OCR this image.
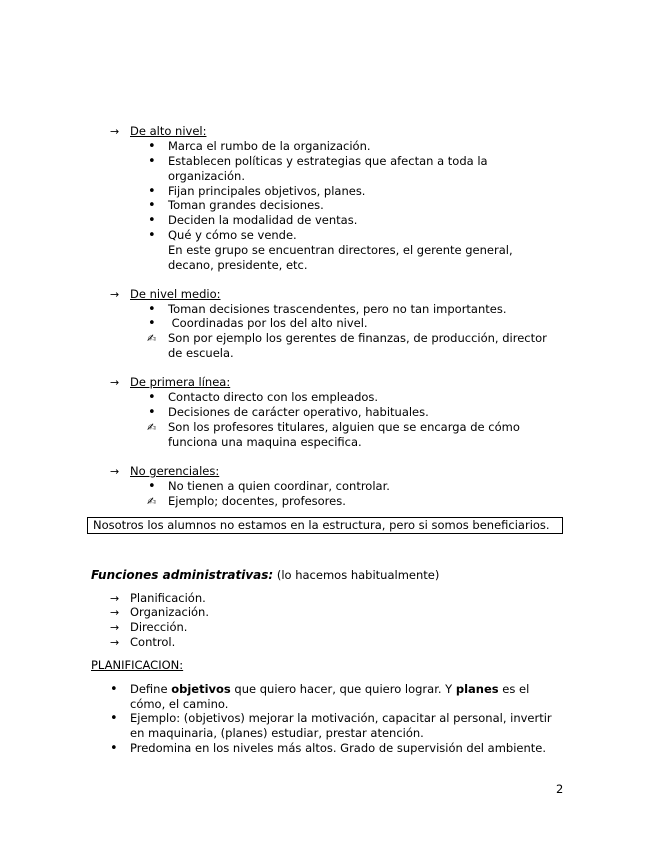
→ De alto nivel:
• Marca el rumbo de la organización.
• Establecen políticas y estrategias que afectan a toda la
organización.
• Fijan principales objetivos, planes.
• Toman grandes decisiones.
• Deciden la modalidad de ventas.
• Qué y cómo se vende.
En este grupo se encuentran directores, el gerente general,
decano, presidente, etc.
→ De nivel medio:
• Toman decisiones trascendentes, pero no tan importantes.
• Coordinadas por los del alto nivel.
✍ Son por ejemplo los gerentes de finanzas, de producción, director
de escuela.
→ De primera línea:
• Contacto directo con los empleados.
• Decisiones de carácter operativo, habituales.
✍ Son los profesores titulares, alguien que se encarga de cómo
funciona una maquina especifica.
→ No gerenciales:
• No tienen a quien coordinar, controlar.
✍ Ejemplo; docentes, profesores.
Nosotros los alumnos no estamos en la estructura, pero si somos beneficiarios.
Funciones administrativas: (lo hacemos habitualmente)
→ Planificación.
→ Organización.
→ Dirección.
→ Control.
PLANIFICACION:
• Define objetivos que quiero hacer, que quiero lograr. Y planes es el
cómo, el camino.
• Ejemplo: (objetivos) mejorar la motivación, capacitar al personal, invertir
en maquinaria, (planes) estudiar, prestar atención.
• Predomina en los niveles más altos. Grado de supervisión del ambiente.
2
